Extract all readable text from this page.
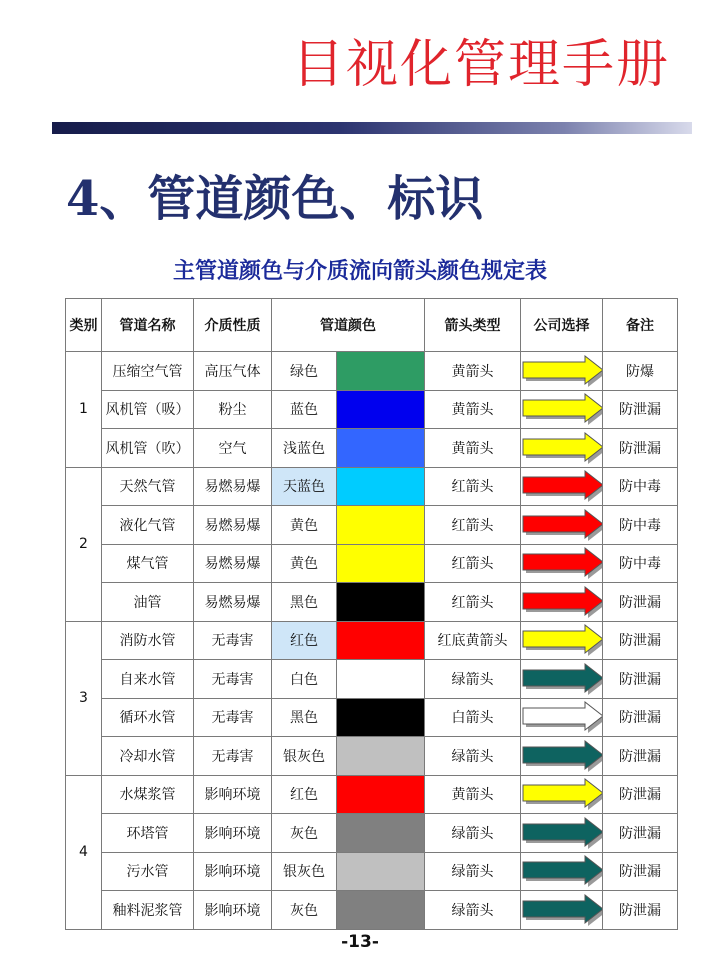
目视化管理手册
4、管道颜色、标识
主管道颜色与介质流向箭头颜色规定表
类别	管道名称	介质性质	管道颜色		箭头类型	公司选择	备注
1	压缩空气管	高压气体	绿色		黄箭头		防爆
	风机管（吸）	粉尘	蓝色		黄箭头		防泄漏
	风机管（吹）	空气	浅蓝色		黄箭头		防泄漏
2	天然气管	易燃易爆	天蓝色		红箭头		防中毒
	液化气管	易燃易爆	黄色		红箭头		防中毒
	煤气管	易燃易爆	黄色		红箭头		防中毒
	油管	易燃易爆	黑色		红箭头		防泄漏
3	消防水管	无毒害	红色		红底黄箭头		防泄漏
	自来水管	无毒害	白色		绿箭头		防泄漏
	循环水管	无毒害	黑色		白箭头		防泄漏
	冷却水管	无毒害	银灰色		绿箭头		防泄漏
4	水煤浆管	影响环境	红色		黄箭头		防泄漏
	环塔管	影响环境	灰色		绿箭头		防泄漏
	污水管	影响环境	银灰色		绿箭头		防泄漏
	釉料泥浆管	影响环境	灰色		绿箭头		防泄漏
-13-
